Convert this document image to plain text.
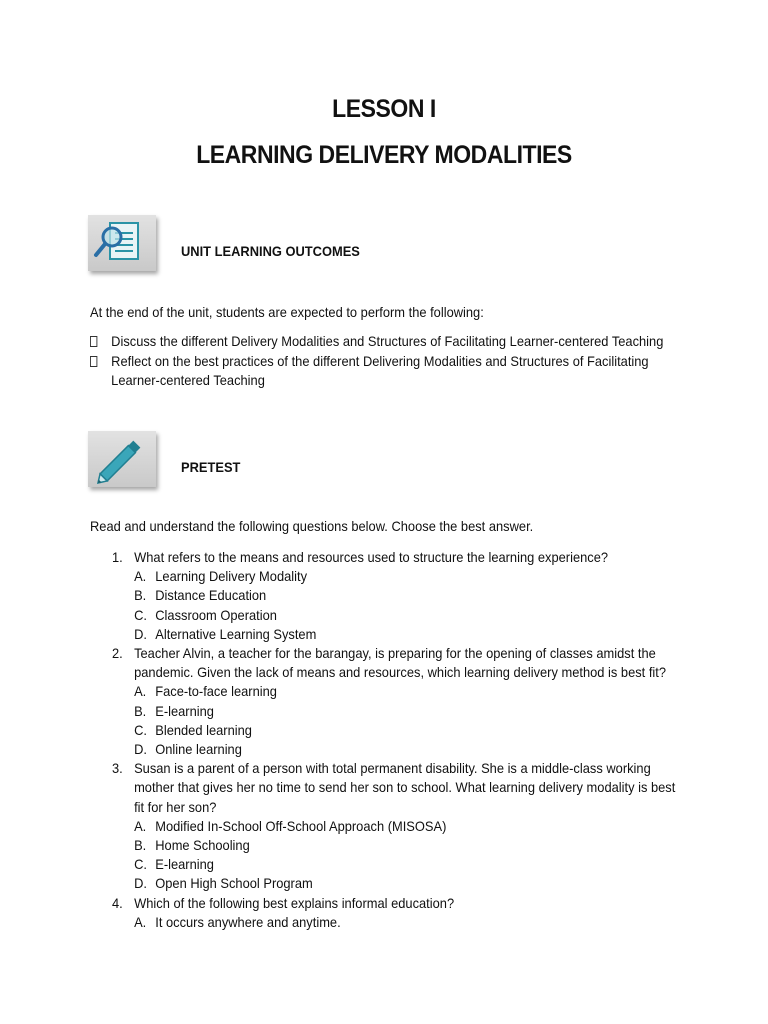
LESSON I
LEARNING DELIVERY MODALITIES
UNIT LEARNING OUTCOMES
At the end of the unit, students are expected to perform the following:
Discuss the different Delivery Modalities and Structures of Facilitating Learner-centered Teaching
Reflect on the best practices of the different Delivering Modalities and Structures of Facilitating Learner-centered Teaching
PRETEST
Read and understand the following questions below. Choose the best answer.
1. What refers to the means and resources used to structure the learning experience?
A. Learning Delivery Modality
B. Distance Education
C. Classroom Operation
D. Alternative Learning System
2. Teacher Alvin, a teacher for the barangay, is preparing for the opening of classes amidst the pandemic. Given the lack of means and resources, which learning delivery method is best fit?
A. Face-to-face learning
B. E-learning
C. Blended learning
D. Online learning
3. Susan is a parent of a person with total permanent disability. She is a middle-class working mother that gives her no time to send her son to school. What learning delivery modality is best fit for her son?
A. Modified In-School Off-School Approach (MISOSA)
B. Home Schooling
C. E-learning
D. Open High School Program
4. Which of the following best explains informal education?
A. It occurs anywhere and anytime.
